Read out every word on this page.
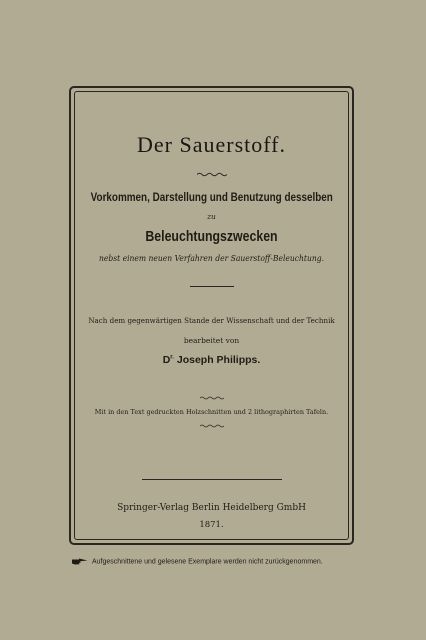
Der Sauerstoff.
Vorkommen, Darstellung und Benutzung desselben
zu
Beleuchtungszwecken
nebst einem neuen Verfahren der Sauerstoff-Beleuchtung.
Nach dem gegenwärtigen Stande der Wissenschaft und der Technik
bearbeitet von
$D^{r.}$ Joseph Philipps.
Mit in den Text gedruckten Holzschnitten und 2 lithographirten Tafeln.
Springer-Verlag Berlin Heidelberg GmbH
1871.
Aufgeschnittene und gelesene Exemplare werden nicht zurückgenommen.
